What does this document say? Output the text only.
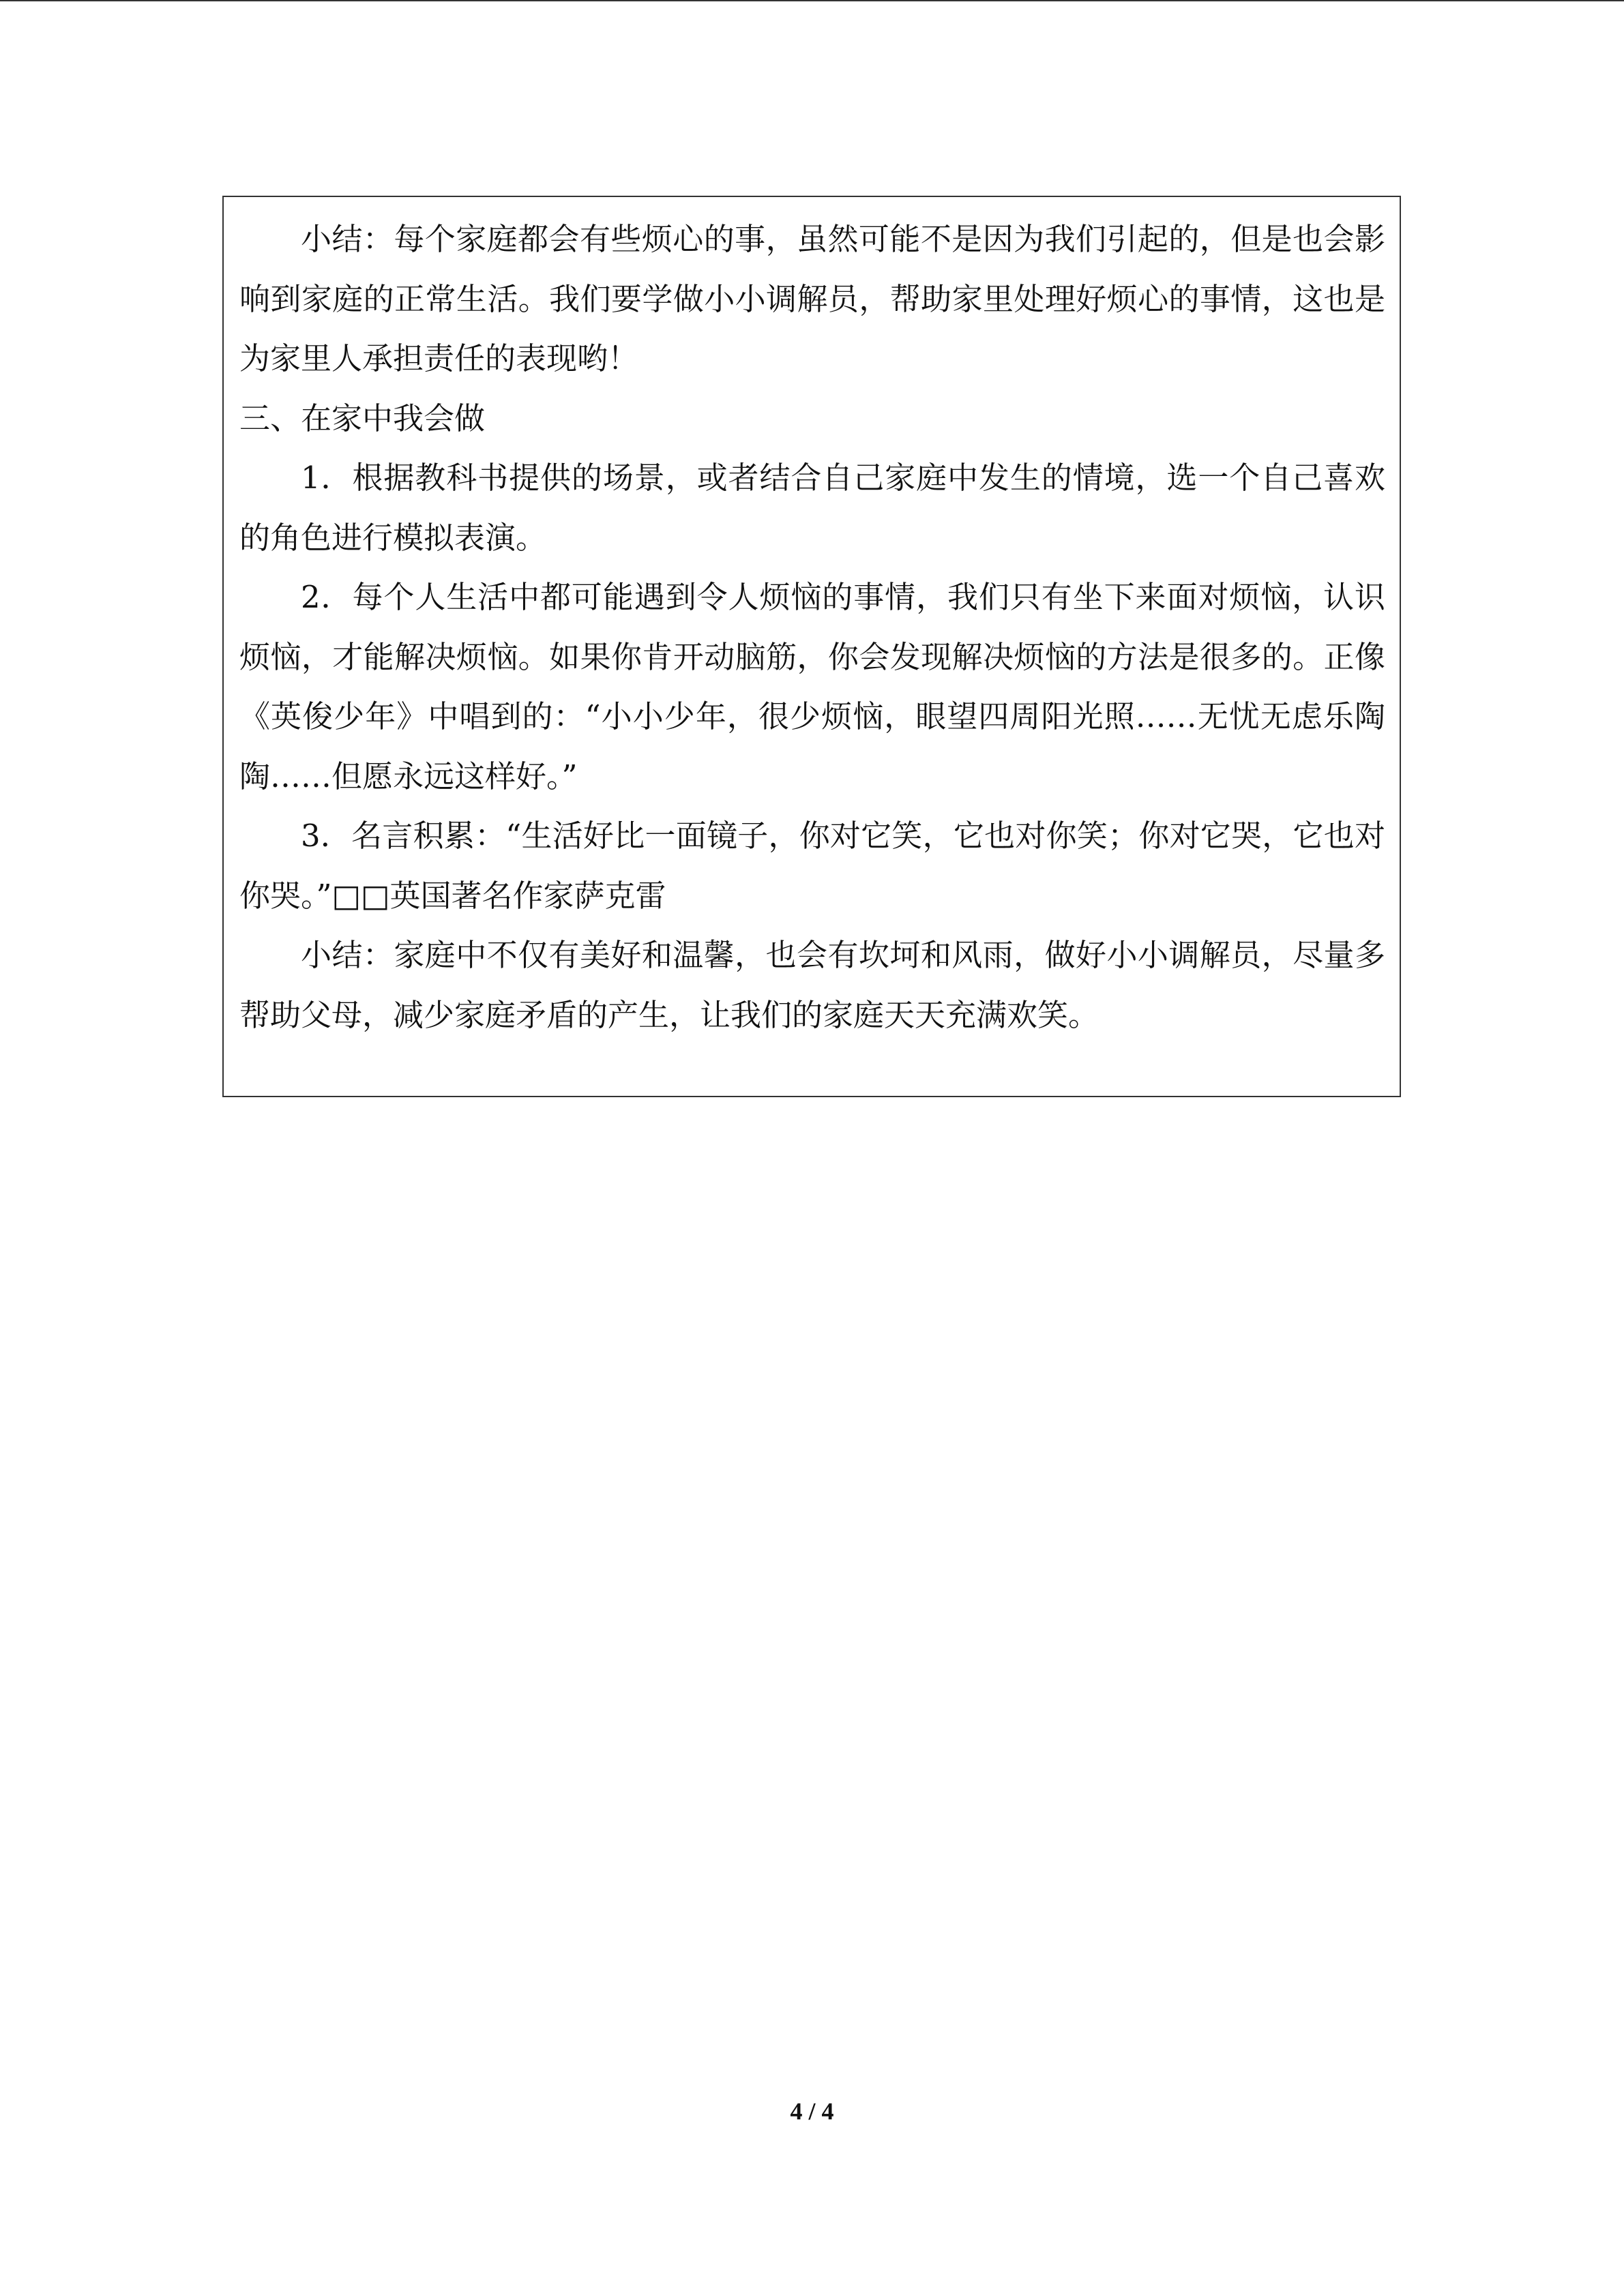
小结：每个家庭都会有些烦心的事，虽然可能不是因为我们引起的，但是也会影响到家庭的正常生活。我们要学做小小调解员，帮助家里处理好烦心的事情，这也是为家里人承担责任的表现哟！

三、在家中我会做

1．根据教科书提供的场景，或者结合自己家庭中发生的情境，选一个自己喜欢的角色进行模拟表演。

2．每个人生活中都可能遇到令人烦恼的事情，我们只有坐下来面对烦恼，认识烦恼，才能解决烦恼。如果你肯开动脑筋，你会发现解决烦恼的方法是很多的。正像《英俊少年》中唱到的：“小小少年，很少烦恼，眼望四周阳光照……无忧无虑乐陶陶……但愿永远这样好。”

3．名言积累：“生活好比一面镜子，你对它笑，它也对你笑；你对它哭，它也对你哭。”□□英国著名作家萨克雷

小结：家庭中不仅有美好和温馨，也会有坎坷和风雨，做好小小调解员，尽量多帮助父母，减少家庭矛盾的产生，让我们的家庭天天充满欢笑。

4 / 4
